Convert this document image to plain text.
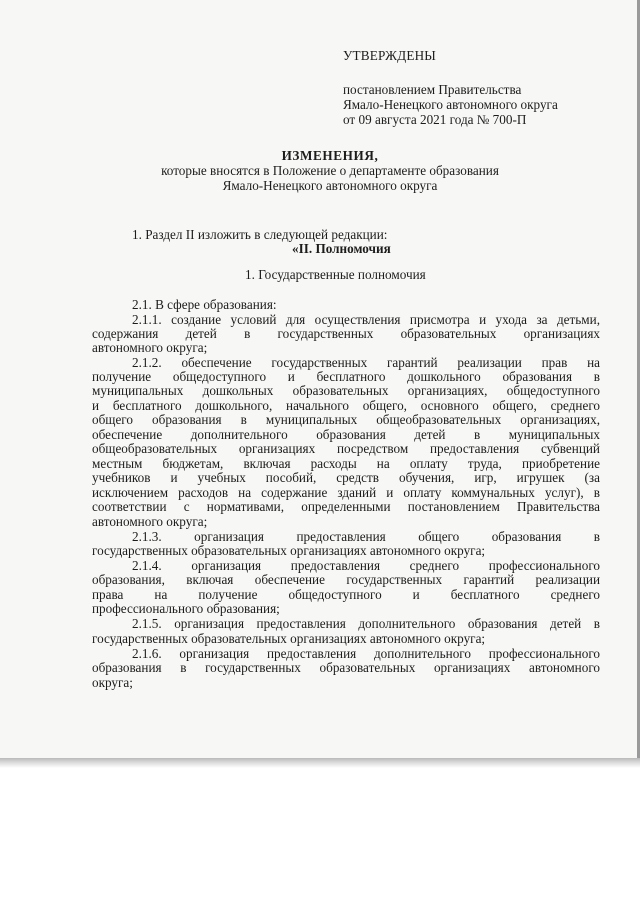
УТВЕРЖДЕНЫ
постановлением Правительства
Ямало-Ненецкого автономного округа
от 09 августа 2021 года № 700-П
ИЗМЕНЕНИЯ,
которые вносятся в Положение о департаменте образования
Ямало-Ненецкого автономного округа
1. Раздел II изложить в следующей редакции:
«II. Полномочия
1. Государственные полномочия
2.1. В сфере образования:
2.1.1. создание условий для осуществления присмотра и ухода за детьми,
содержания детей в государственных образовательных организациях
автономного округа;
2.1.2. обеспечение государственных гарантий реализации прав на
получение общедоступного и бесплатного дошкольного образования в
муниципальных дошкольных образовательных организациях, общедоступного
и бесплатного дошкольного, начального общего, основного общего, среднего
общего образования в муниципальных общеобразовательных организациях,
обеспечение дополнительного образования детей в муниципальных
общеобразовательных организациях посредством предоставления субвенций
местным бюджетам, включая расходы на оплату труда, приобретение
учебников и учебных пособий, средств обучения, игр, игрушек (за
исключением расходов на содержание зданий и оплату коммунальных услуг), в
соответствии с нормативами, определенными постановлением Правительства
автономного округа;
2.1.3. организация предоставления общего образования в
государственных образовательных организациях автономного округа;
2.1.4. организация предоставления среднего профессионального
образования, включая обеспечение государственных гарантий реализации
права на получение общедоступного и бесплатного среднего
профессионального образования;
2.1.5. организация предоставления дополнительного образования детей в
государственных образовательных организациях автономного округа;
2.1.6. организация предоставления дополнительного профессионального
образования в государственных образовательных организациях автономного
округа;
